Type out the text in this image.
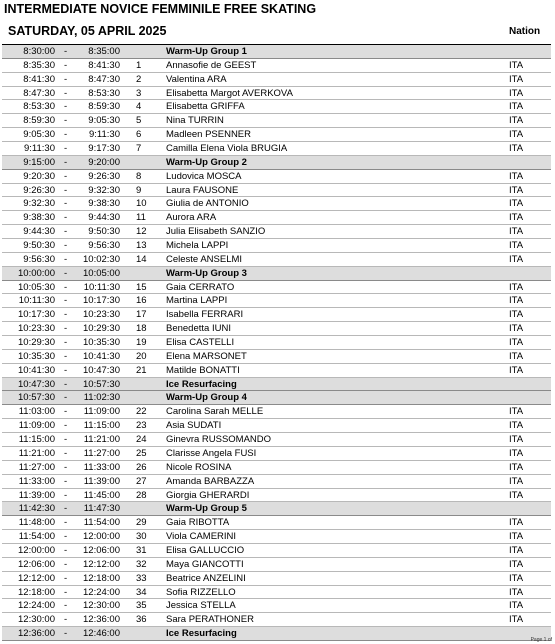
INTERMEDIATE NOVICE FEMMINILE FREE SKATING
SATURDAY, 05 APRIL 2025	Nation
8:30:00 - 8:35:00	Warm-Up Group 1
8:35:30 - 8:41:30 1	Annasofie de GEEST	ITA
8:41:30 - 8:47:30 2	Valentina ARA	ITA
8:47:30 - 8:53:30 3	Elisabetta Margot AVERKOVA	ITA
8:53:30 - 8:59:30 4	Elisabetta GRIFFA	ITA
8:59:30 - 9:05:30 5	Nina TURRIN	ITA
9:05:30 - 9:11:30 6	Madleen PSENNER	ITA
9:11:30 - 9:17:30 7	Camilla Elena Viola BRUGIA	ITA
9:15:00 - 9:20:00	Warm-Up Group 2
9:20:30 - 9:26:30 8	Ludovica MOSCA	ITA
9:26:30 - 9:32:30 9	Laura FAUSONE	ITA
9:32:30 - 9:38:30 10 Giulia de ANTONIO	ITA
9:38:30 - 9:44:30 11 Aurora ARA	ITA
9:44:30 - 9:50:30 12 Julia Elisabeth SANZIO	ITA
9:50:30 - 9:56:30 13 Michela LAPPI	ITA
9:56:30 - 10:02:30 14 Celeste ANSELMI	ITA
10:00:00 - 10:05:00	Warm-Up Group 3
10:05:30 - 10:11:30 15 Gaia CERRATO	ITA
10:11:30 - 10:17:30 16 Martina LAPPI	ITA
10:17:30 - 10:23:30 17 Isabella FERRARI	ITA
10:23:30 - 10:29:30 18 Benedetta IUNI	ITA
10:29:30 - 10:35:30 19 Elisa CASTELLI	ITA
10:35:30 - 10:41:30 20 Elena MARSONET	ITA
10:41:30 - 10:47:30 21 Matilde BONATTI	ITA
10:47:30 - 10:57:30	Ice Resurfacing
10:57:30 - 11:02:30	Warm-Up Group 4
11:03:00 - 11:09:00 22 Carolina Sarah MELLE	ITA
11:09:00 - 11:15:00 23 Asia SUDATI	ITA
11:15:00 - 11:21:00 24 Ginevra RUSSOMANDO	ITA
11:21:00 - 11:27:00 25 Clarisse Angela FUSI	ITA
11:27:00 - 11:33:00 26 Nicole ROSINA	ITA
11:33:00 - 11:39:00 27 Amanda BARBAZZA	ITA
11:39:00 - 11:45:00 28 Giorgia GHERARDI	ITA
11:42:30 - 11:47:30	Warm-Up Group 5
11:48:00 - 11:54:00 29 Gaia RIBOTTA	ITA
11:54:00 - 12:00:00 30 Viola CAMERINI	ITA
12:00:00 - 12:06:00 31 Elisa GALLUCCIO	ITA
12:06:00 - 12:12:00 32 Maya GIANCOTTI	ITA
12:12:00 - 12:18:00 33 Beatrice ANZELINI	ITA
12:18:00 - 12:24:00 34 Sofia RIZZELLO	ITA
12:24:00 - 12:30:00 35 Jessica STELLA	ITA
12:30:00 - 12:36:00 36 Sara PERATHONER	ITA
12:36:00 - 12:46:00	Ice Resurfacing
Page 1 of
